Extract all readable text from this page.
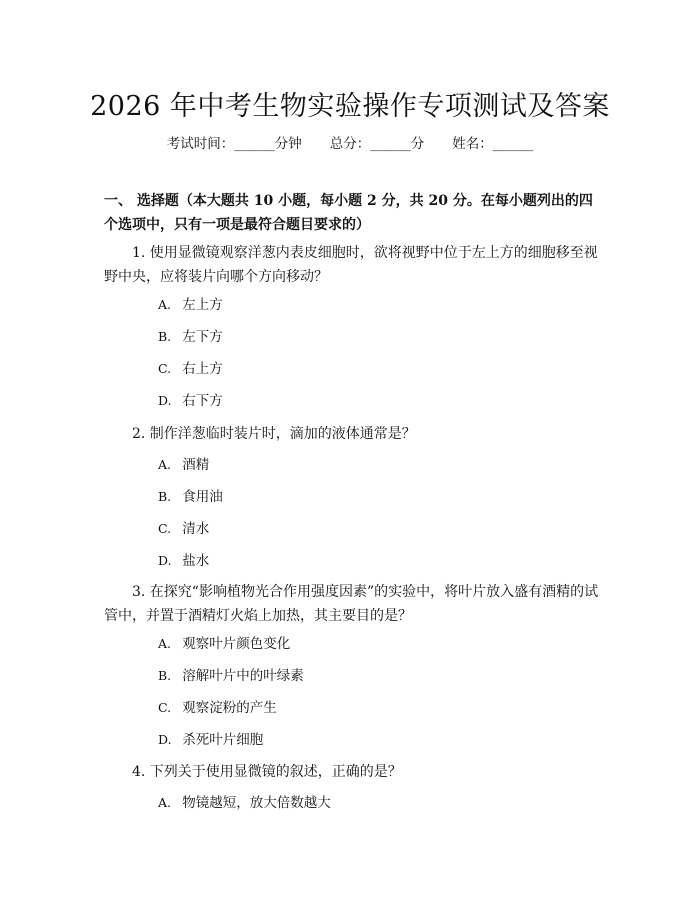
2026 年中考生物实验操作专项测试及答案
考试时间：______分钟 总分：______分 姓名：______
一、 选择题（本大题共 10 小题，每小题 2 分，共 20 分。在每小题列出的四个选项中，只有一项是最符合题目要求的）
1. 使用显微镜观察洋葱内表皮细胞时，欲将视野中位于左上方的细胞移至视野中央，应将装片向哪个方向移动？
A. 左上方
B. 左下方
C. 右上方
D. 右下方
2. 制作洋葱临时装片时，滴加的液体通常是？
A. 酒精
B. 食用油
C. 清水
D. 盐水
3. 在探究“影响植物光合作用强度因素”的实验中，将叶片放入盛有酒精的试管中，并置于酒精灯火焰上加热，其主要目的是？
A. 观察叶片颜色变化
B. 溶解叶片中的叶绿素
C. 观察淀粉的产生
D. 杀死叶片细胞
4. 下列关于使用显微镜的叙述，正确的是？
A. 物镜越短，放大倍数越大
